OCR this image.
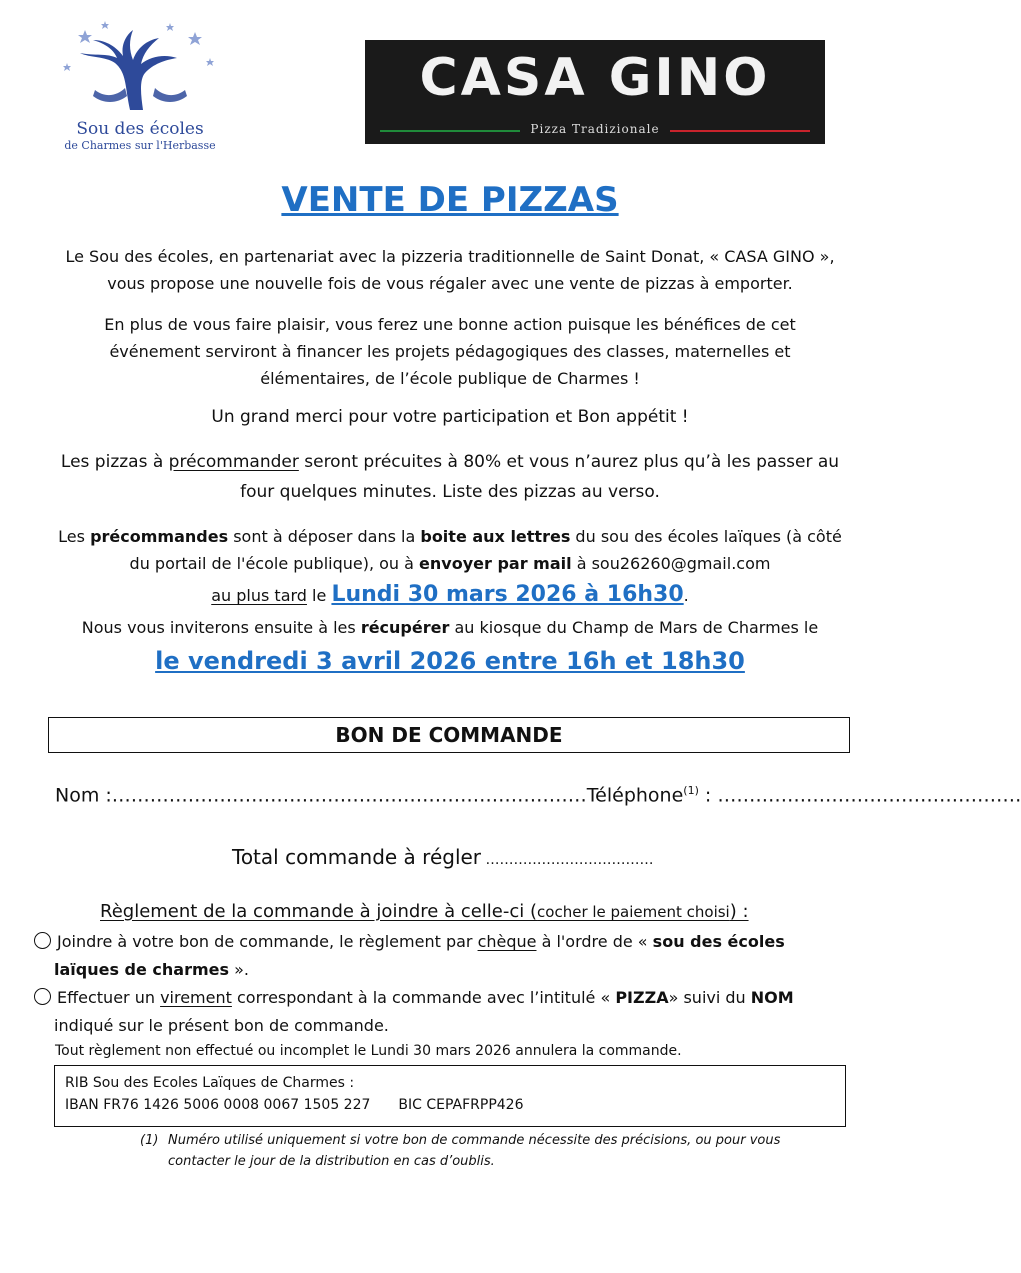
Sou des écoles
de Charmes sur l'Herbasse
CASA GINO
Pizza Tradizionale
VENTE DE PIZZAS
Le Sou des écoles, en partenariat avec la pizzeria traditionnelle de Saint Donat, « CASA GINO », vous propose une nouvelle fois de vous régaler avec une vente de pizzas à emporter.
En plus de vous faire plaisir, vous ferez une bonne action puisque les bénéfices de cet événement serviront à financer les projets pédagogiques des classes, maternelles et élémentaires, de l’école publique de Charmes !
Un grand merci pour votre participation et Bon appétit !
Les pizzas à précommander seront précuites à 80% et vous n’aurez plus qu’à les passer au four quelques minutes. Liste des pizzas au verso.
Les précommandes sont à déposer dans la boite aux lettres du sou des écoles laïques (à côté du portail de l'école publique), ou à envoyer par mail à sou26260@gmail.com
au plus tard le Lundi 30 mars 2026 à 16h30.
Nous vous inviterons ensuite à les récupérer au kiosque du Champ de Mars de Charmes le
le vendredi 3 avril 2026 entre 16h et 18h30
BON DE COMMANDE
Nom :…………………………………………………………………Téléphone$^{(1)}$ : …………………………………………
Total commande à régler ………………………………
Règlement de la commande à joindre à celle-ci (cocher le paiement choisi) :
Joindre à votre bon de commande, le règlement par chèque à l'ordre de « sou des écoles
laïques de charmes ».
Effectuer un virement correspondant à la commande avec l’intitulé « PIZZA» suivi du NOM
indiqué sur le présent bon de commande.
Tout règlement non effectué ou incomplet le Lundi 30 mars 2026 annulera la commande.
RIB Sou des Ecoles Laïques de Charmes :
IBAN FR76 1426 5006 0008 0067 1505 227 BIC CEPAFRPP426
(1) Numéro utilisé uniquement si votre bon de commande nécessite des précisions, ou pour vous contacter le jour de la distribution en cas d’oublis.
